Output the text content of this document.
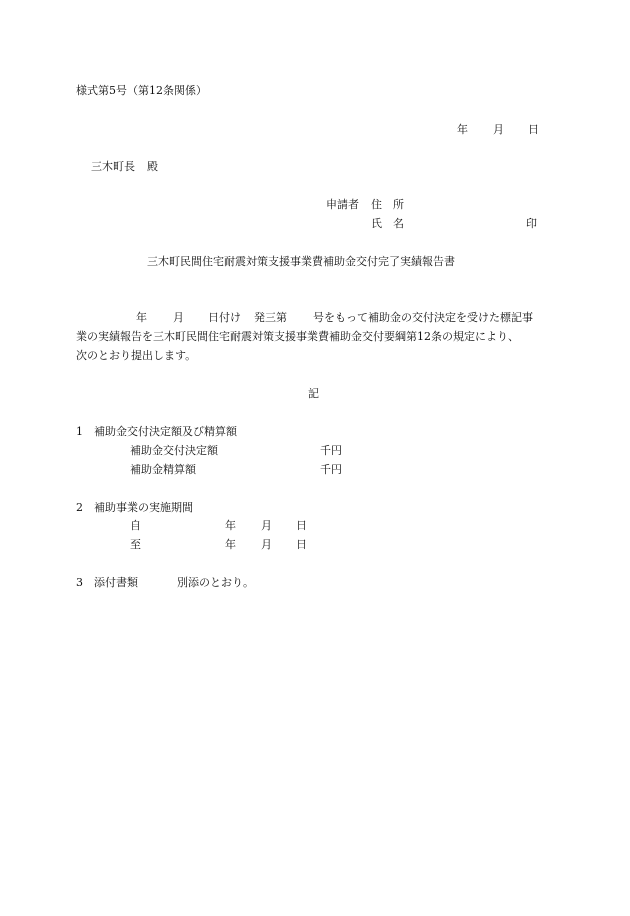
様式第5号（第12条関係）
年 月 日
三木町長 殿
申請者 住　所
氏　名	印
三木町民間住宅耐震対策支援事業費補助金交付完了実績報告書
年 月 日付け 発三第 号をもって補助金の交付決定を受けた標記事
業の実績報告を三木町民間住宅耐震対策支援事業費補助金交付要綱第12条の規定により、
次のとおり提出します。
記
1 補助金交付決定額及び精算額
補助金交付決定額	千円
補助金精算額	千円
2 補助事業の実施期間
自	年 月 日
至	年 月 日
3 添付書類	別添のとおり。
